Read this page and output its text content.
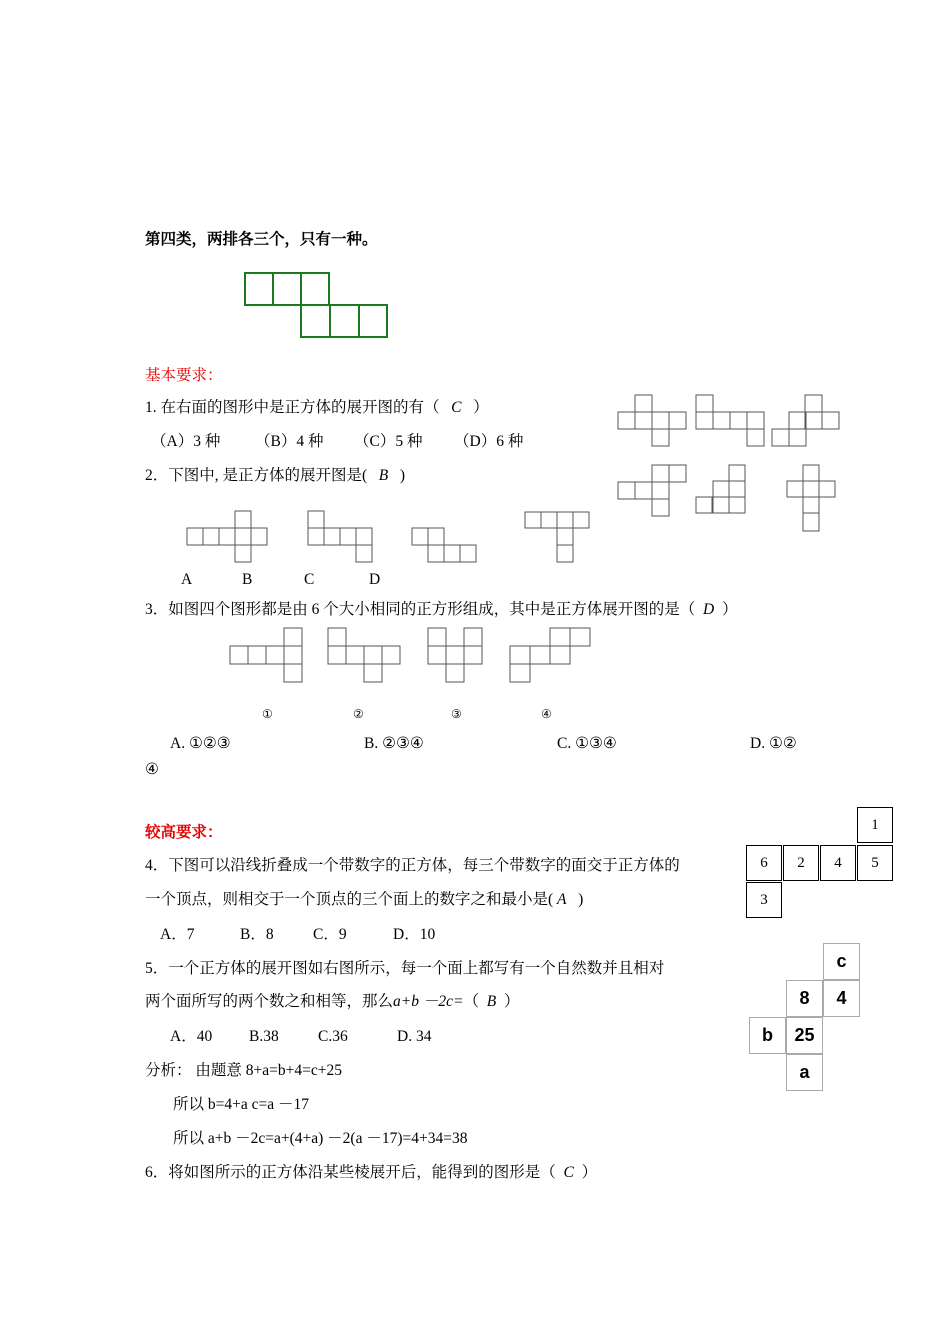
第四类，两排各三个，只有一种。
基本要求：
1. 在右面的图形中是正方体的展开图的有（ C ）
（A）3 种 （B）4 种 （C）5 种 （D）6 种
2．下图中, 是正方体的展开图是( B )
A	B	C	D
3．如图四个图形都是由 6 个大小相同的正方形组成，其中是正方体展开图的是（ D ）
①	②	③	④
A. ①②③	B. ②③④	C. ①③④	D. ①②
④
较高要求：
4．下图可以沿线折叠成一个带数字的正方体，每三个带数字的面交于正方体的
一个顶点，则相交于一个顶点的三个面上的数字之和最小是( A )
A．7	B．8	C．9	D．10
1
6	2	4	5
3
5．一个正方体的展开图如右图所示，每一个面上都写有一个自然数并且相对
两个面所写的两个数之和相等，那么a+b －2c=（ B ）
A．40 B.38	C.36	D. 34
c
8	4
b	25
a
分析： 由题意 8+a=b+4=c+25
所以 b=4+a c=a －17
所以 a+b －2c=a+(4+a) －2(a －17)=4+34=38
6．将如图所示的正方体沿某些棱展开后，能得到的图形是（ C ）
